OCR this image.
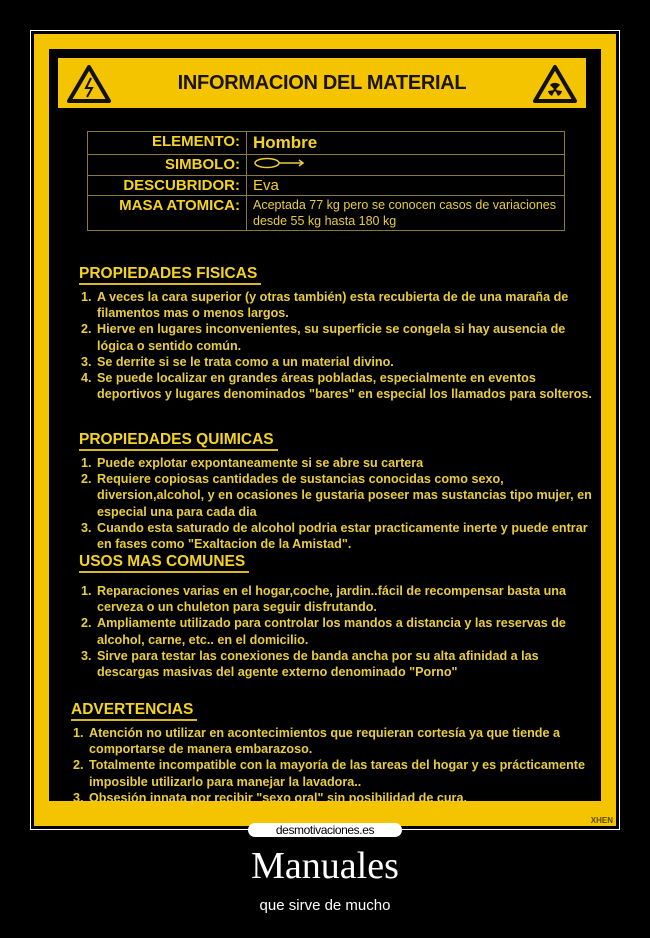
INFORMACION DEL MATERIAL
ELEMENTO:	Hombre
SIMBOLO:	
DESCUBRIDOR:	Eva
MASA ATOMICA:	Aceptada 77 kg pero se conocen casos de variaciones desde 55 kg hasta 180 kg
PROPIEDADES FISICAS
1. A veces la cara superior (y otras también) esta recubierta de de una maraña de filamentos mas o menos largos.
2. Hierve en lugares inconvenientes, su superficie se congela si hay ausencia de lógica o sentido común.
3. Se derrite si se le trata como a un material divino.
4. Se puede localizar en grandes áreas pobladas, especialmente en eventos deportivos y lugares denominados "bares" en especial los llamados para solteros.
PROPIEDADES QUIMICAS
1. Puede explotar expontaneamente si se abre su cartera
2. Requiere copiosas cantidades de sustancias conocidas como sexo, diversion,alcohol, y en ocasiones le gustaria poseer mas sustancias tipo mujer, en especial una para cada dia
3. Cuando esta saturado de alcohol podria estar practicamente inerte y puede entrar en fases como "Exaltacion de la Amistad".
USOS MAS COMUNES
1. Reparaciones varias en el hogar,coche, jardin..fácil de recompensar basta una cerveza o un chuleton para seguir disfrutando.
2. Ampliamente utilizado para controlar los mandos a distancia y las reservas de alcohol, carne, etc.. en el domicilio.
3. Sirve para testar las conexiones de banda ancha por su alta afinidad a las descargas masivas del agente externo denominado "Porno"
ADVERTENCIAS
1. Atención no utilizar en acontecimientos que requieran cortesía ya que tiende a comportarse de manera embarazoso.
2. Totalmente incompatible con la mayoría de las tareas del hogar y es prácticamente imposible utilizarlo para manejar la lavadora..
3. Obsesión innata por recibir "sexo oral" sin posibilidad de cura.
XHEN
desmotivaciones.es
Manuales
que sirve de mucho
